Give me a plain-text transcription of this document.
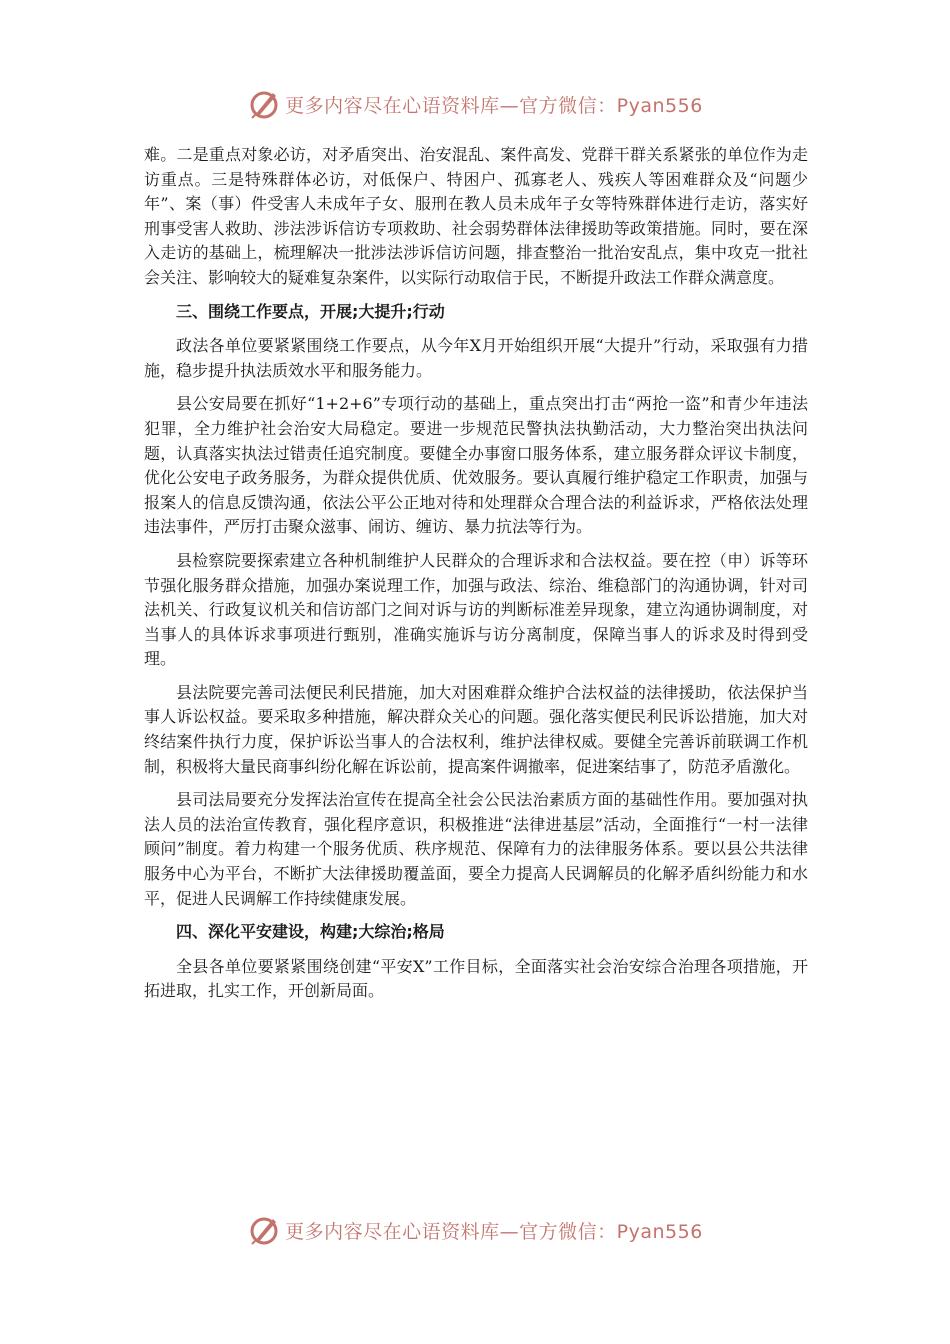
更多内容尽在心语资料库—官方微信：Pyan556

难。二是重点对象必访，对矛盾突出、治安混乱、案件高发、党群干群关系紧张的单位作为走访重点。三是特殊群体必访，对低保户、特困户、孤寡老人、残疾人等困难群众及“问题少年”、案（事）件受害人未成年子女、服刑在教人员未成年子女等特殊群体进行走访，落实好刑事受害人救助、涉法涉诉信访专项救助、社会弱势群体法律援助等政策措施。同时，要在深入走访的基础上，梳理解决一批涉法涉诉信访问题，排查整治一批治安乱点，集中攻克一批社会关注、影响较大的疑难复杂案件，以实际行动取信于民，不断提升政法工作群众满意度。

三、围绕工作要点，开展;大提升;行动

政法各单位要紧紧围绕工作要点，从今年X月开始组织开展“大提升”行动，采取强有力措施，稳步提升执法质效水平和服务能力。

县公安局要在抓好“1+2+6”专项行动的基础上，重点突出打击“两抢一盗”和青少年违法犯罪，全力维护社会治安大局稳定。要进一步规范民警执法执勤活动，大力整治突出执法问题，认真落实执法过错责任追究制度。要健全办事窗口服务体系，建立服务群众评议卡制度，优化公安电子政务服务，为群众提供优质、优效服务。要认真履行维护稳定工作职责，加强与报案人的信息反馈沟通，依法公平公正地对待和处理群众合理合法的利益诉求，严格依法处理违法事件，严厉打击聚众滋事、闹访、缠访、暴力抗法等行为。

县检察院要探索建立各种机制维护人民群众的合理诉求和合法权益。要在控（申）诉等环节强化服务群众措施，加强办案说理工作，加强与政法、综治、维稳部门的沟通协调，针对司法机关、行政复议机关和信访部门之间对诉与访的判断标准差异现象，建立沟通协调制度，对当事人的具体诉求事项进行甄别，准确实施诉与访分离制度，保障当事人的诉求及时得到受理。

县法院要完善司法便民利民措施，加大对困难群众维护合法权益的法律援助，依法保护当事人诉讼权益。要采取多种措施，解决群众关心的问题。强化落实便民利民诉讼措施，加大对终结案件执行力度，保护诉讼当事人的合法权利，维护法律权威。要健全完善诉前联调工作机制，积极将大量民商事纠纷化解在诉讼前，提高案件调撤率，促进案结事了，防范矛盾激化。

县司法局要充分发挥法治宣传在提高全社会公民法治素质方面的基础性作用。要加强对执法人员的法治宣传教育，强化程序意识，积极推进“法律进基层”活动，全面推行“一村一法律顾问”制度。着力构建一个服务优质、秩序规范、保障有力的法律服务体系。要以县公共法律服务中心为平台，不断扩大法律援助覆盖面，要全力提高人民调解员的化解矛盾纠纷能力和水平，促进人民调解工作持续健康发展。

四、深化平安建设，构建;大综治;格局

全县各单位要紧紧围绕创建“平安X”工作目标，全面落实社会治安综合治理各项措施，开拓进取，扎实工作，开创新局面。

更多内容尽在心语资料库—官方微信：Pyan556
